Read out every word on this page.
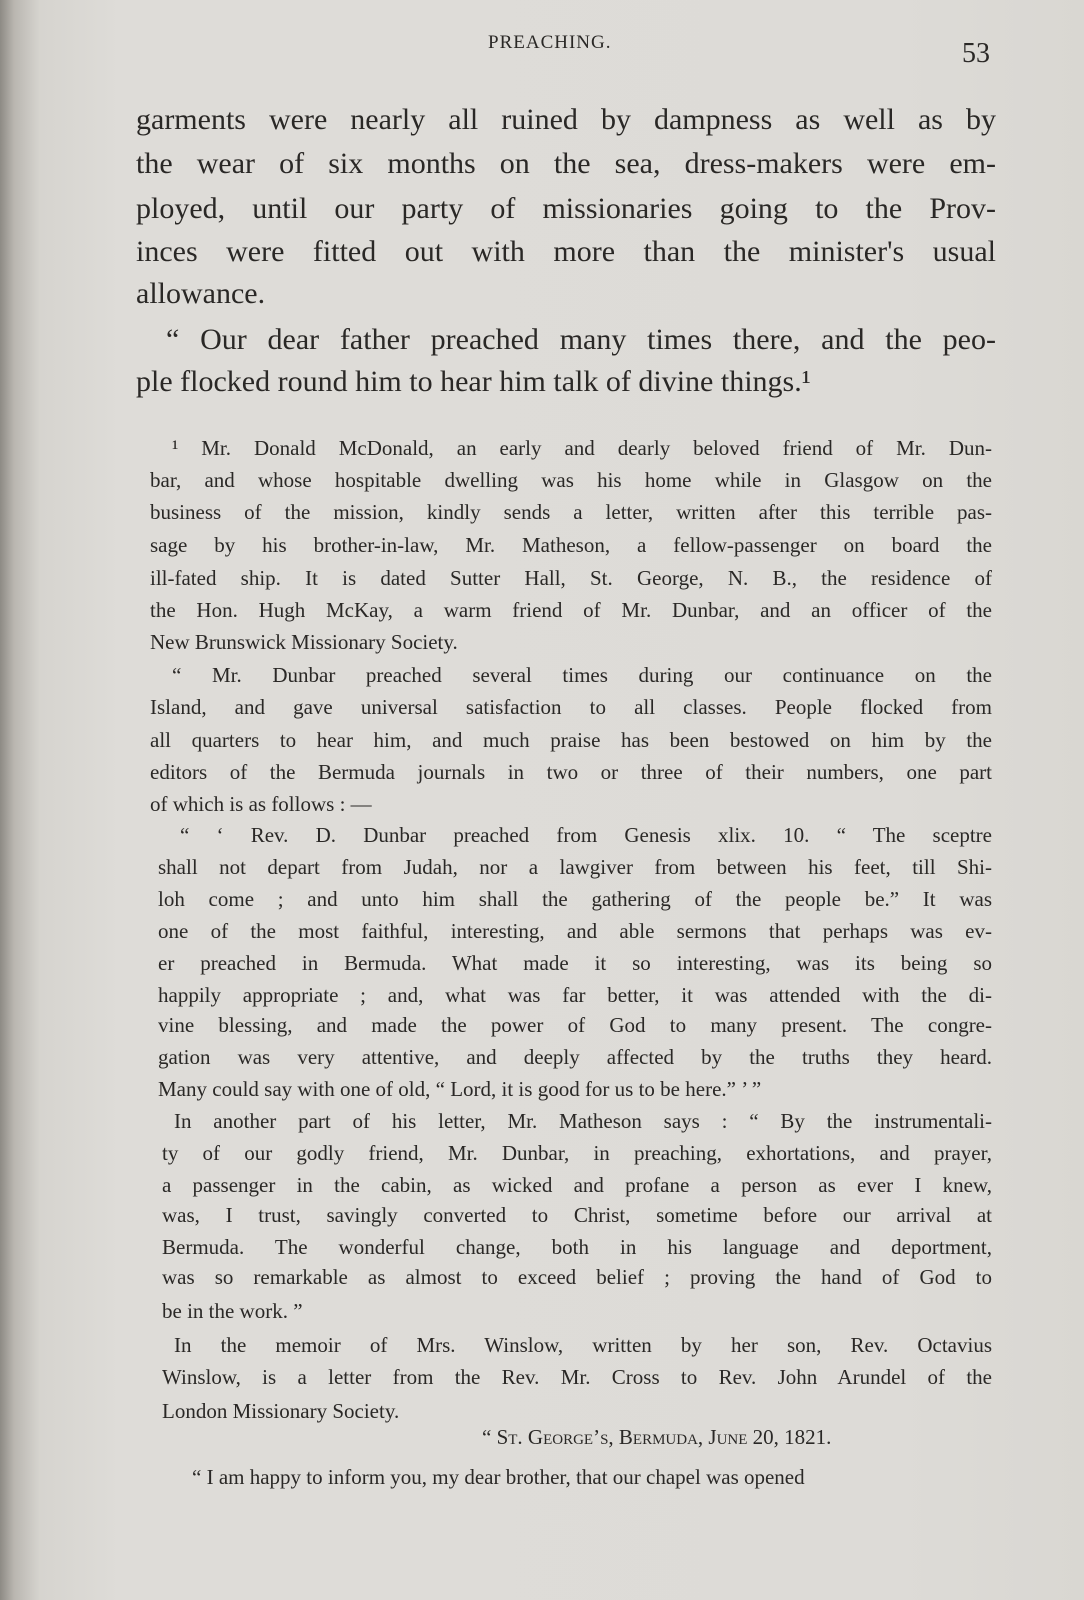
PREACHING.	53
garments were nearly all ruined by dampness as well as by
the wear of six months on the sea, dress-makers were em-
ployed, until our party of missionaries going to the Prov-
inces were fitted out with more than the minister's usual
allowance.
“ Our dear father preached many times there, and the peo-
ple flocked round him to hear him talk of divine things.¹
¹ Mr. Donald McDonald, an early and dearly beloved friend of Mr. Dun-
bar, and whose hospitable dwelling was his home while in Glasgow on the
business of the mission, kindly sends a letter, written after this terrible pas-
sage by his brother-in-law, Mr. Matheson, a fellow-passenger on board the
ill-fated ship. It is dated Sutter Hall, St. George, N. B., the residence of
the Hon. Hugh McKay, a warm friend of Mr. Dunbar, and an officer of the
New Brunswick Missionary Society.
“ Mr. Dunbar preached several times during our continuance on the
Island, and gave universal satisfaction to all classes. People flocked from
all quarters to hear him, and much praise has been bestowed on him by the
editors of the Bermuda journals in two or three of their numbers, one part
of which is as follows : —
“ ‘ Rev. D. Dunbar preached from Genesis xlix. 10. “ The sceptre
shall not depart from Judah, nor a lawgiver from between his feet, till Shi-
loh come ; and unto him shall the gathering of the people be.” It was
one of the most faithful, interesting, and able sermons that perhaps was ev-
er preached in Bermuda. What made it so interesting, was its being so
happily appropriate ; and, what was far better, it was attended with the di-
vine blessing, and made the power of God to many present. The congre-
gation was very attentive, and deeply affected by the truths they heard.
Many could say with one of old, “ Lord, it is good for us to be here.” ’ ”
In another part of his letter, Mr. Matheson says : “ By the instrumentali-
ty of our godly friend, Mr. Dunbar, in preaching, exhortations, and prayer,
a passenger in the cabin, as wicked and profane a person as ever I knew,
was, I trust, savingly converted to Christ, sometime before our arrival at
Bermuda. The wonderful change, both in his language and deportment,
was so remarkable as almost to exceed belief ; proving the hand of God to
be in the work. ”
In the memoir of Mrs. Winslow, written by her son, Rev. Octavius
Winslow, is a letter from the Rev. Mr. Cross to Rev. John Arundel of the
London Missionary Society.
“ St. George’s, Bermuda, June 20, 1821.
“ I am happy to inform you, my dear brother, that our chapel was opened
